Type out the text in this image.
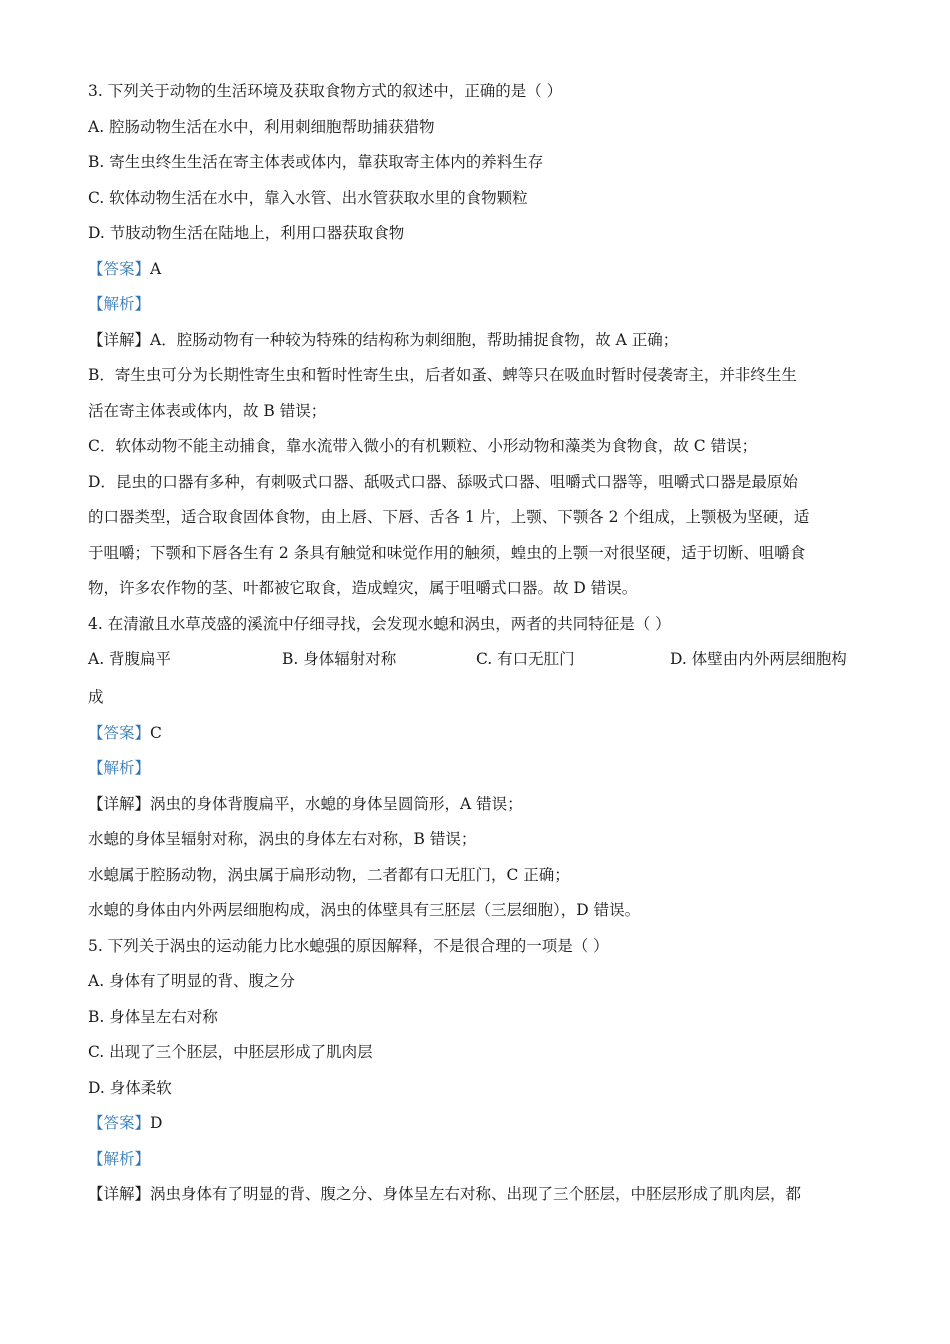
3. 下列关于动物的生活环境及获取食物方式的叙述中，正确的是（ ）
A. 腔肠动物生活在水中，利用刺细胞帮助捕获猎物
B. 寄生虫终生生活在寄主体表或体内，靠获取寄主体内的养料生存
C. 软体动物生活在水中，靠入水管、出水管获取水里的食物颗粒
D. 节肢动物生活在陆地上，利用口器获取食物
【答案】A
【解析】
【详解】A．腔肠动物有一种较为特殊的结构称为刺细胞，帮助捕捉食物，故 A 正确；
B．寄生虫可分为长期性寄生虫和暂时性寄生虫，后者如蚤、蜱等只在吸血时暂时侵袭寄主，并非终生生
活在寄主体表或体内，故 B 错误；
C．软体动物不能主动捕食，靠水流带入微小的有机颗粒、小形动物和藻类为食物食，故 C 错误；
D．昆虫的口器有多种，有刺吸式口器、舐吸式口器、舔吸式口器、咀嚼式口器等，咀嚼式口器是最原始
的口器类型，适合取食固体食物，由上唇、下唇、舌各 1 片，上颚、下颚各 2 个组成，上颚极为坚硬，适
于咀嚼；下颚和下唇各生有 2 条具有触觉和味觉作用的触须，蝗虫的上颚一对很坚硬，适于切断、咀嚼食
物，许多农作物的茎、叶都被它取食，造成蝗灾，属于咀嚼式口器。故 D 错误。
4. 在清澈且水草茂盛的溪流中仔细寻找，会发现水螅和涡虫，两者的共同特征是（ ）
A. 背腹扁平	B. 身体辐射对称	C. 有口无肛门	D. 体壁由内外两层细胞构
成
【答案】C
【解析】
【详解】涡虫的身体背腹扁平，水螅的身体呈圆筒形，A 错误；
水螅的身体呈辐射对称，涡虫的身体左右对称，B 错误；
水螅属于腔肠动物，涡虫属于扁形动物，二者都有口无肛门，C 正确；
水螅的身体由内外两层细胞构成，涡虫的体壁具有三胚层（三层细胞），D 错误。
5. 下列关于涡虫的运动能力比水螅强的原因解释，不是很合理的一项是（ ）
A. 身体有了明显的背、腹之分
B. 身体呈左右对称
C. 出现了三个胚层，中胚层形成了肌肉层
D. 身体柔软
【答案】D
【解析】
【详解】涡虫身体有了明显的背、腹之分、身体呈左右对称、出现了三个胚层，中胚层形成了肌肉层，都
